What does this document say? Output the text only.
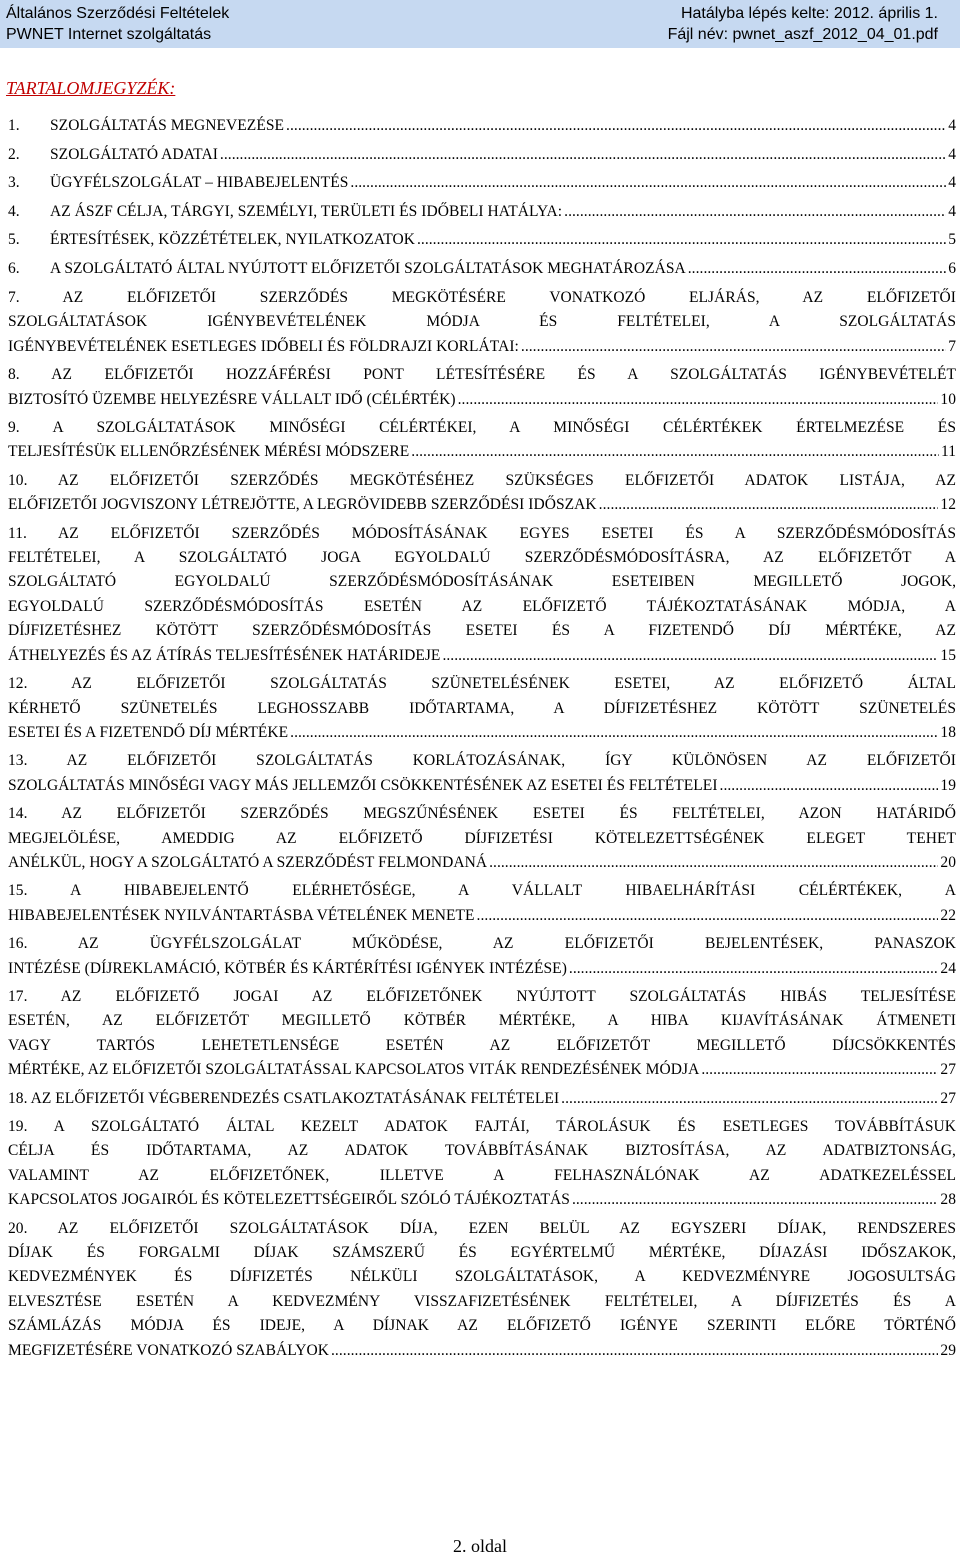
Általános Szerződési Feltételek
PWNET Internet szolgáltatás
Hatályba lépés kelte: 2012. április 1.
Fájl név: pwnet_aszf_2012_04_01.pdf
TARTALOMJEGYZÉK:
1.	SZOLGÁLTATÁS MEGNEVEZÉSE .....	4
2.	SZOLGÁLTATÓ ADATAI .....	4
3.	ÜGYFÉLSZOLGÁLAT – HIBABEJELENTÉS .....	4
4.	AZ ÁSZF CÉLJA, TÁRGYI, SZEMÉLYI, TERÜLETI ÉS IDŐBELI HATÁLYA: .....	4
5.	ÉRTESÍTÉSEK, KÖZZÉTÉTELEK, NYILATKOZATOK .....	5
6.	A SZOLGÁLTATÓ ÁLTAL NYÚJTOTT ELŐFIZETŐI SZOLGÁLTATÁSOK MEGHATÁROZÁSA .....	6
7. AZ ELŐFIZETŐI SZERZŐDÉS MEGKÖTÉSÉRE VONATKOZÓ ELJÁRÁS, AZ ELŐFIZETŐI
SZOLGÁLTATÁSOK IGÉNYBEVÉTELÉNEK MÓDJA ÉS FELTÉTELEI, A SZOLGÁLTATÁS
IGÉNYBEVÉTELÉNEK ESETLEGES IDŐBELI ÉS FÖLDRAJZI KORLÁTAI: .....	7
8. AZ ELŐFIZETŐI HOZZÁFÉRÉSI PONT LÉTESÍTÉSÉRE ÉS A SZOLGÁLTATÁS IGÉNYBEVÉTELÉT
BIZTOSÍTÓ ÜZEMBE HELYEZÉSRE VÁLLALT IDŐ (CÉLÉRTÉK) .....	10
9. A SZOLGÁLTATÁSOK MINŐSÉGI CÉLÉRTÉKEI, A MINŐSÉGI CÉLÉRTÉKEK ÉRTELMEZÉSE ÉS
TELJESÍTÉSÜK ELLENŐRZÉSÉNEK MÉRÉSI MÓDSZERE .....	11
10. AZ ELŐFIZETŐI SZERZŐDÉS MEGKÖTÉSÉHEZ SZÜKSÉGES ELŐFIZETŐI ADATOK LISTÁJA, AZ
ELŐFIZETŐI JOGVISZONY LÉTREJÖTTE, A LEGRÖVIDEBB SZERZŐDÉSI IDŐSZAK .....	12
11. AZ ELŐFIZETŐI SZERZŐDÉS MÓDOSÍTÁSÁNAK EGYES ESETEI ÉS A SZERZŐDÉSMÓDOSÍTÁS
FELTÉTELEI, A SZOLGÁLTATÓ JOGA EGYOLDALÚ SZERZŐDÉSMÓDOSÍTÁSRA, AZ ELŐFIZETŐT A
SZOLGÁLTATÓ EGYOLDALÚ SZERZŐDÉSMÓDOSÍTÁSÁNAK ESETEIBEN MEGILLETŐ JOGOK,
EGYOLDALÚ SZERZŐDÉSMÓDOSÍTÁS ESETÉN AZ ELŐFIZETŐ TÁJÉKOZTATÁSÁNAK MÓDJA, A
DÍJFIZETÉSHEZ KÖTÖTT SZERZŐDÉSMÓDOSÍTÁS ESETEI ÉS A FIZETENDŐ DÍJ MÉRTÉKE, AZ
ÁTHELYEZÉS ÉS AZ ÁTÍRÁS TELJESÍTÉSÉNEK HATÁRIDEJE .....	15
12. AZ ELŐFIZETŐI SZOLGÁLTATÁS SZÜNETELÉSÉNEK ESETEI, AZ ELŐFIZETŐ ÁLTAL
KÉRHETŐ SZÜNETELÉS LEGHOSSZABB IDŐTARTAMA, A DÍJFIZETÉSHEZ KÖTÖTT SZÜNETELÉS
ESETEI ÉS A FIZETENDŐ DÍJ MÉRTÉKE .....	18
13. AZ ELŐFIZETŐI SZOLGÁLTATÁS KORLÁTOZÁSÁNAK, ÍGY KÜLÖNÖSEN AZ ELŐFIZETŐI
SZOLGÁLTATÁS MINŐSÉGI VAGY MÁS JELLEMZŐI CSÖKKENTÉSÉNEK AZ ESETEI ÉS FELTÉTELEI .....	19
14. AZ ELŐFIZETŐI SZERZŐDÉS MEGSZŰNÉSÉNEK ESETEI ÉS FELTÉTELEI, AZON HATÁRIDŐ
MEGJELÖLÉSE, AMEDDIG AZ ELŐFIZETŐ DÍJFIZETÉSI KÖTELEZETTSÉGÉNEK ELEGET TEHET
ANÉLKÜL, HOGY A SZOLGÁLTATÓ A SZERZŐDÉST FELMONDANÁ .....	20
15. A HIBABEJELENTŐ ELÉRHETŐSÉGE, A VÁLLALT HIBAELHÁRÍTÁSI CÉLÉRTÉKEK, A
HIBABEJELENTÉSEK NYILVÁNTARTÁSBA VÉTELÉNEK MENETE .....	22
16. AZ ÜGYFÉLSZOLGÁLAT MŰKÖDÉSE, AZ ELŐFIZETŐI BEJELENTÉSEK, PANASZOK
INTÉZÉSE (DÍJREKLAMÁCIÓ, KÖTBÉR ÉS KÁRTÉRÍTÉSI IGÉNYEK INTÉZÉSE) .....	24
17. AZ ELŐFIZETŐ JOGAI AZ ELŐFIZETŐNEK NYÚJTOTT SZOLGÁLTATÁS HIBÁS TELJESÍTÉSE
ESETÉN, AZ ELŐFIZETŐT MEGILLETŐ KÖTBÉR MÉRTÉKE, A HIBA KIJAVÍTÁSÁNAK ÁTMENETI
VAGY TARTÓS LEHETETLENSÉGE ESETÉN AZ ELŐFIZETŐT MEGILLETŐ DÍJCSÖKKENTÉS
MÉRTÉKE, AZ ELŐFIZETŐI SZOLGÁLTATÁSSAL KAPCSOLATOS VITÁK RENDEZÉSÉNEK MÓDJA .....	27
18. AZ ELŐFIZETŐI VÉGBERENDEZÉS CSATLAKOZTATÁSÁNAK FELTÉTELEI .....	27
19. A SZOLGÁLTATÓ ÁLTAL KEZELT ADATOK FAJTÁI, TÁROLÁSUK ÉS ESETLEGES TOVÁBBÍTÁSUK
CÉLJA ÉS IDŐTARTAMA, AZ ADATOK TOVÁBBÍTÁSÁNAK BIZTOSÍTÁSA, AZ ADATBIZTONSÁG,
VALAMINT AZ ELŐFIZETŐNEK, ILLETVE A FELHASZNÁLÓNAK AZ ADATKEZELÉSSEL
KAPCSOLATOS JOGAIRÓL ÉS KÖTELEZETTSÉGEIRŐL SZÓLÓ TÁJÉKOZTATÁS .....	28
20. AZ ELŐFIZETŐI SZOLGÁLTATÁSOK DÍJA, EZEN BELÜL AZ EGYSZERI DÍJAK, RENDSZERES
DÍJAK ÉS FORGALMI DÍJAK SZÁMSZERŰ ÉS EGYÉRTELMŰ MÉRTÉKE, DÍJAZÁSI IDŐSZAKOK,
KEDVEZMÉNYEK ÉS DÍJFIZETÉS NÉLKÜLI SZOLGÁLTATÁSOK, A KEDVEZMÉNYRE JOGOSULTSÁG
ELVESZTÉSE ESETÉN A KEDVEZMÉNY VISSZAFIZETÉSÉNEK FELTÉTELEI, A DÍJFIZETÉS ÉS A
SZÁMLÁZÁS MÓDJA ÉS IDEJE, A DÍJNAK AZ ELŐFIZETŐ IGÉNYE SZERINTI ELŐRE TÖRTÉNŐ
MEGFIZETÉSÉRE VONATKOZÓ SZABÁLYOK .....	29
2. oldal
